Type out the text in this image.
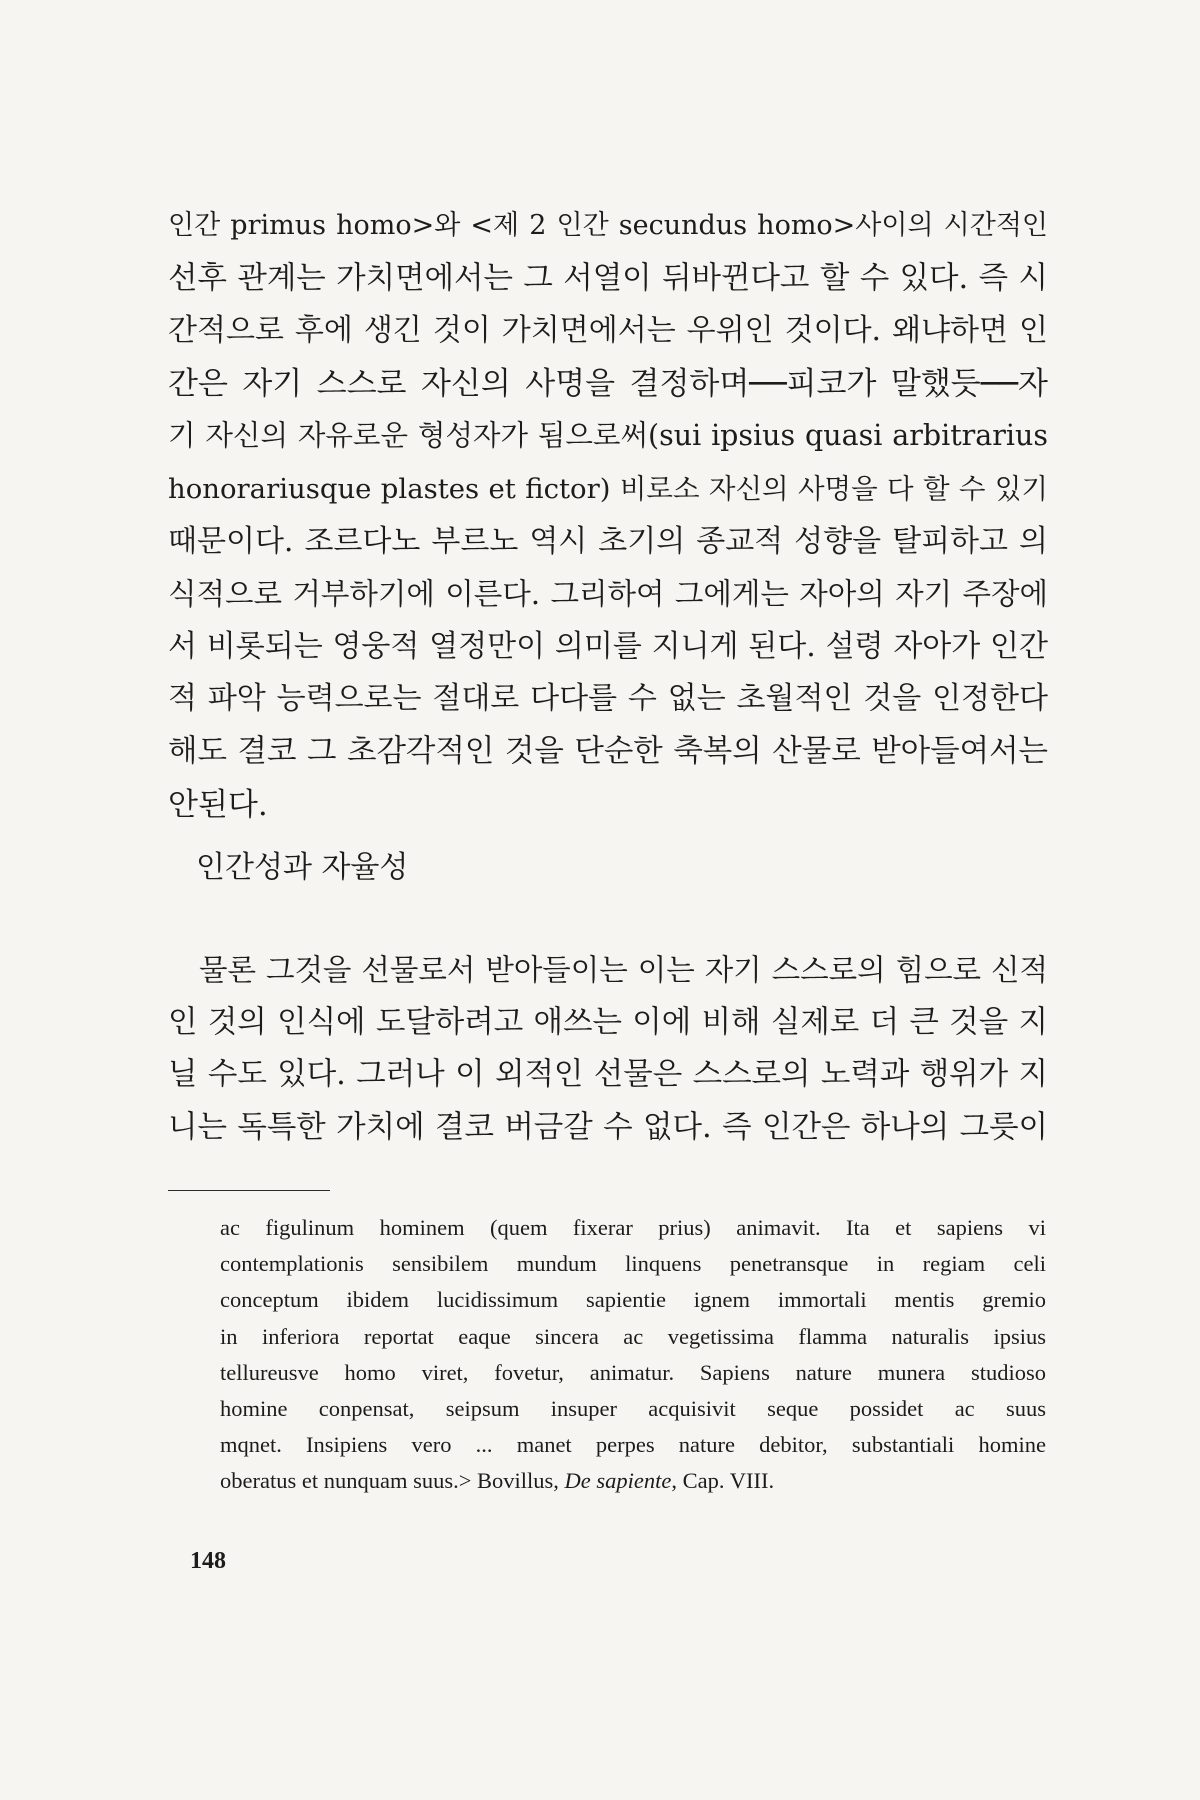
인간 primus homo>와 <제 2 인간 secundus homo>사이의 시간적인
선후 관계는 가치면에서는 그 서열이 뒤바뀐다고 할 수 있다. 즉 시
간적으로 후에 생긴 것이 가치면에서는 우위인 것이다. 왜냐하면 인
간은 자기 스스로 자신의 사명을 결정하며──피코가 말했듯──자
기 자신의 자유로운 형성자가 됨으로써(sui ipsius quasi arbitrarius
honorariusque plastes et fictor) 비로소 자신의 사명을 다 할 수 있기
때문이다. 조르다노 부르노 역시 초기의 종교적 성향을 탈피하고 의
식적으로 거부하기에 이른다. 그리하여 그에게는 자아의 자기 주장에
서 비롯되는 영웅적 열정만이 의미를 지니게 된다. 설령 자아가 인간
적 파악 능력으로는 절대로 다다를 수 없는 초월적인 것을 인정한다
해도 결코 그 초감각적인 것을 단순한 축복의 산물로 받아들여서는
안된다.
인간성과 자율성
물론 그것을 선물로서 받아들이는 이는 자기 스스로의 힘으로 신적
인 것의 인식에 도달하려고 애쓰는 이에 비해 실제로 더 큰 것을 지
닐 수도 있다. 그러나 이 외적인 선물은 스스로의 노력과 행위가 지
니는 독특한 가치에 결코 버금갈 수 없다. 즉 인간은 하나의 그릇이
ac figulinum hominem (quem fixerar prius) animavit. Ita et sapiens vi
contemplationis sensibilem mundum linquens penetransque in regiam celi
conceptum ibidem lucidissimum sapientie ignem immortali mentis gremio
in inferiora reportat eaque sincera ac vegetissima flamma naturalis ipsius
tellureusve homo viret, fovetur, animatur. Sapiens nature munera studioso
homine conpensat, seipsum insuper acquisivit seque possidet ac suus
mqnet. Insipiens vero ... manet perpes nature debitor, substantiali homine
oberatus et nunquam suus.> Bovillus, De sapiente, Cap. VIII.
148
